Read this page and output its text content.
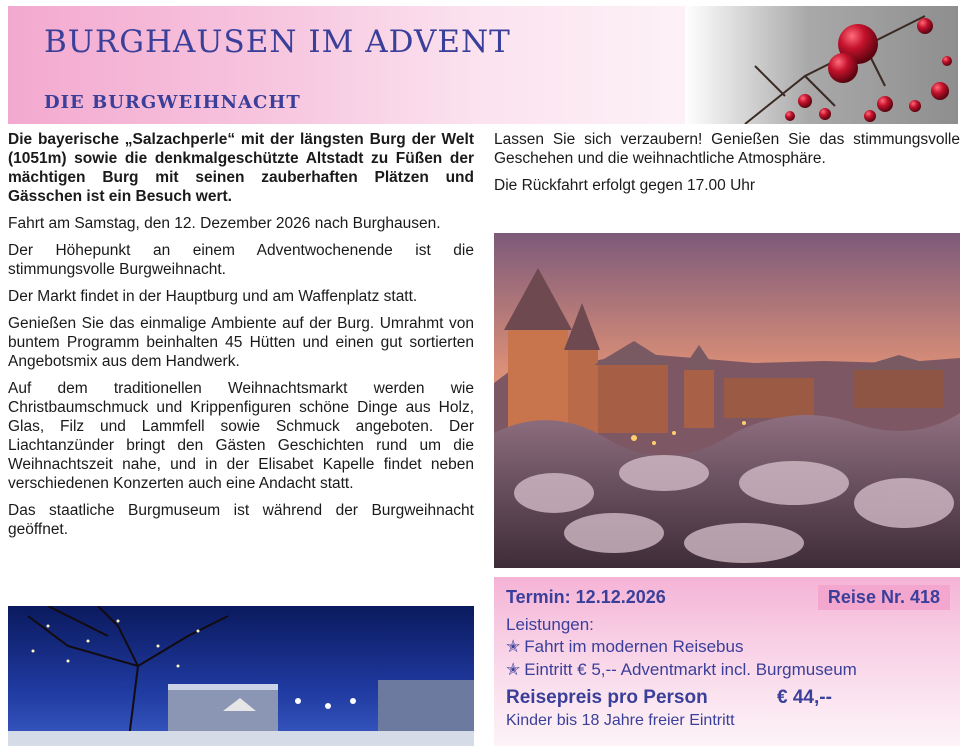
BURGHAUSEN IM ADVENT
DIE BURGWEIHNACHT

Die bayerische „Salzachperle“ mit der längsten Burg der Welt (1051m) sowie die denkmalgeschützte Altstadt zu Füßen der mächtigen Burg mit seinen zauberhaften Plätzen und Gässchen ist ein Besuch wert.

Fahrt am Samstag, den 12. Dezember 2026 nach Burghausen.

Der Höhepunkt an einem Adventwochenende ist die stimmungsvolle Burgweihnacht.

Der Markt findet in der Hauptburg und am Waffenplatz statt.

Genießen Sie das einmalige Ambiente auf der Burg. Umrahmt von buntem Programm beinhalten 45 Hütten und einen gut sortierten Angebotsmix aus dem Handwerk.

Auf dem traditionellen Weihnachtsmarkt werden wie Christbaumschmuck und Krippenfiguren schöne Dinge aus Holz, Glas, Filz und Lammfell sowie Schmuck angeboten. Der Liachtanzünder bringt den Gästen Geschichten rund um die Weihnachtszeit nahe, und in der Elisabet Kapelle findet neben verschiedenen Konzerten auch eine Andacht statt.

Das staatliche Burgmuseum ist während der Burgweihnacht geöffnet.

Lassen Sie sich verzaubern! Genießen Sie das stimmungsvolle Geschehen und die weihnachtliche Atmosphäre.

Die Rückfahrt erfolgt gegen 17.00 Uhr

Termin: 12.12.2026	Reise Nr. 418
Leistungen:
✭ Fahrt im modernen Reisebus
✭ Eintritt € 5,-- Adventmarkt incl. Burgmuseum
Reisepreis pro Person	€ 44,--
Kinder bis 18 Jahre freier Eintritt
